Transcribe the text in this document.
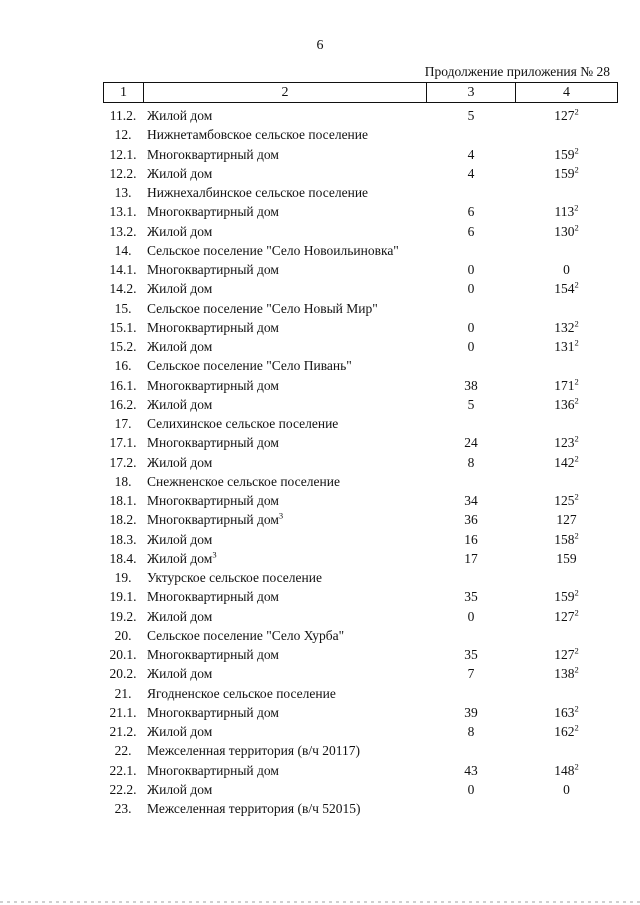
6
Продолжение приложения № 28
1	2	3	4
11.2. Жилой дом	5	$127^2$
12.	Нижнетамбовское сельское поселение
12.1. Многоквартирный дом	4	$159^2$
12.2. Жилой дом	4	$159^2$
13.	Нижнехалбинское сельское поселение
13.1. Многоквартирный дом	6	$113^2$
13.2. Жилой дом	6	$130^2$
14.	Сельское поселение "Село Новоильиновка"
14.1. Многоквартирный дом	0	0
14.2. Жилой дом	0	$154^2$
15.	Сельское поселение "Село Новый Мир"
15.1. Многоквартирный дом	0	$132^2$
15.2. Жилой дом	0	$131^2$
16.	Сельское поселение "Село Пивань"
16.1. Многоквартирный дом	38	$171^2$
16.2. Жилой дом	5	$136^2$
17.	Селихинское сельское поселение
17.1. Многоквартирный дом	24	$123^2$
17.2. Жилой дом	8	$142^2$
18.	Снежненское сельское поселение
18.1. Многоквартирный дом	34	$125^2$
18.2. Многоквартирный дом$^3$	36	127
18.3. Жилой дом	16	$158^2$
18.4. Жилой дом$^3$	17	159
19.	Уктурское сельское поселение
19.1. Многоквартирный дом	35	$159^2$
19.2. Жилой дом	0	$127^2$
20.	Сельское поселение "Село Хурба"
20.1. Многоквартирный дом	35	$127^2$
20.2. Жилой дом	7	$138^2$
21.	Ягодненское сельское поселение
21.1. Многоквартирный дом	39	$163^2$
21.2. Жилой дом	8	$162^2$
22.	Межселенная территория (в/ч 20117)
22.1. Многоквартирный дом	43	$148^2$
22.2. Жилой дом	0	0
23.	Межселенная территория (в/ч 52015)
